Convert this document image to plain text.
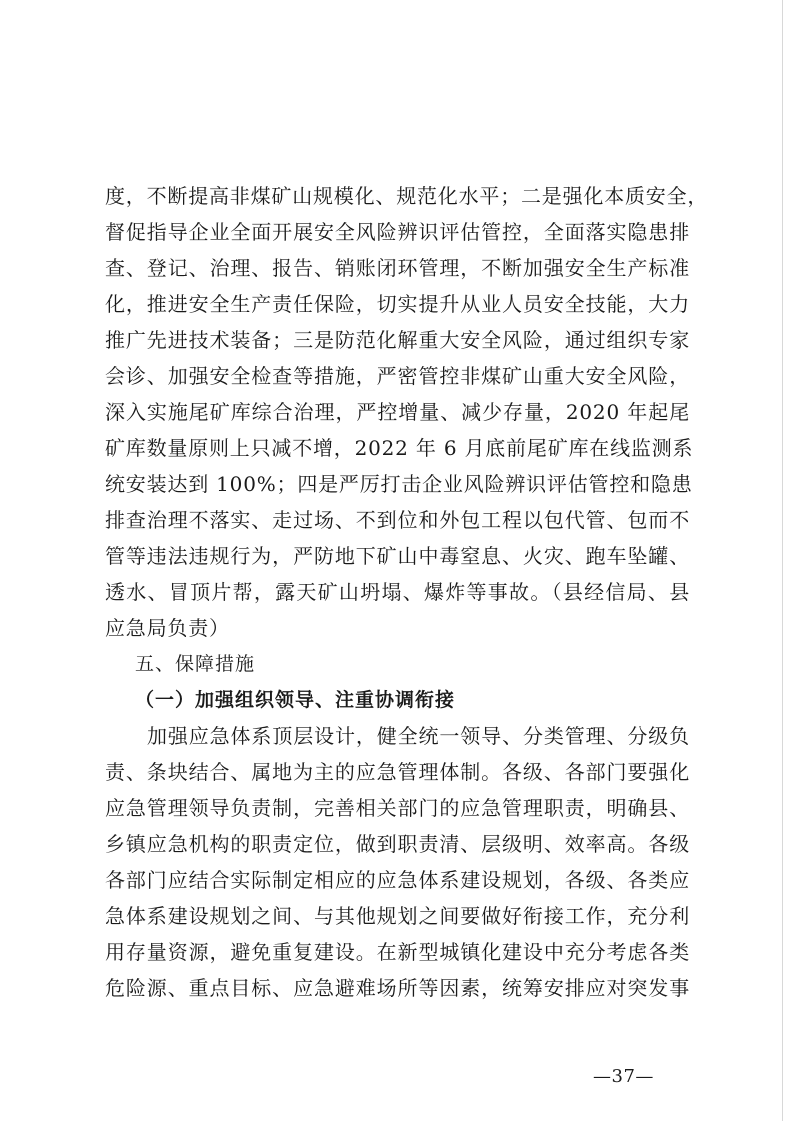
度，不断提高非煤矿山规模化、规范化水平；二是强化本质安全，
督促指导企业全面开展安全风险辨识评估管控，全面落实隐患排
查、登记、治理、报告、销账闭环管理，不断加强安全生产标准
化，推进安全生产责任保险，切实提升从业人员安全技能，大力
推广先进技术装备；三是防范化解重大安全风险，通过组织专家
会诊、加强安全检查等措施，严密管控非煤矿山重大安全风险，
深入实施尾矿库综合治理，严控增量、减少存量，2020 年起尾
矿库数量原则上只减不增，2022 年 6 月底前尾矿库在线监测系
统安装达到 100%；四是严厉打击企业风险辨识评估管控和隐患
排查治理不落实、走过场、不到位和外包工程以包代管、包而不
管等违法违规行为，严防地下矿山中毒窒息、火灾、跑车坠罐、
透水、冒顶片帮，露天矿山坍塌、爆炸等事故。（县经信局、县
应急局负责）
五、保障措施
（一）加强组织领导、注重协调衔接
加强应急体系顶层设计，健全统一领导、分类管理、分级负
责、条块结合、属地为主的应急管理体制。各级、各部门要强化
应急管理领导负责制，完善相关部门的应急管理职责，明确县、
乡镇应急机构的职责定位，做到职责清、层级明、效率高。各级
各部门应结合实际制定相应的应急体系建设规划，各级、各类应
急体系建设规划之间、与其他规划之间要做好衔接工作，充分利
用存量资源，避免重复建设。在新型城镇化建设中充分考虑各类
危险源、重点目标、应急避难场所等因素，统筹安排应对突发事
—37—
